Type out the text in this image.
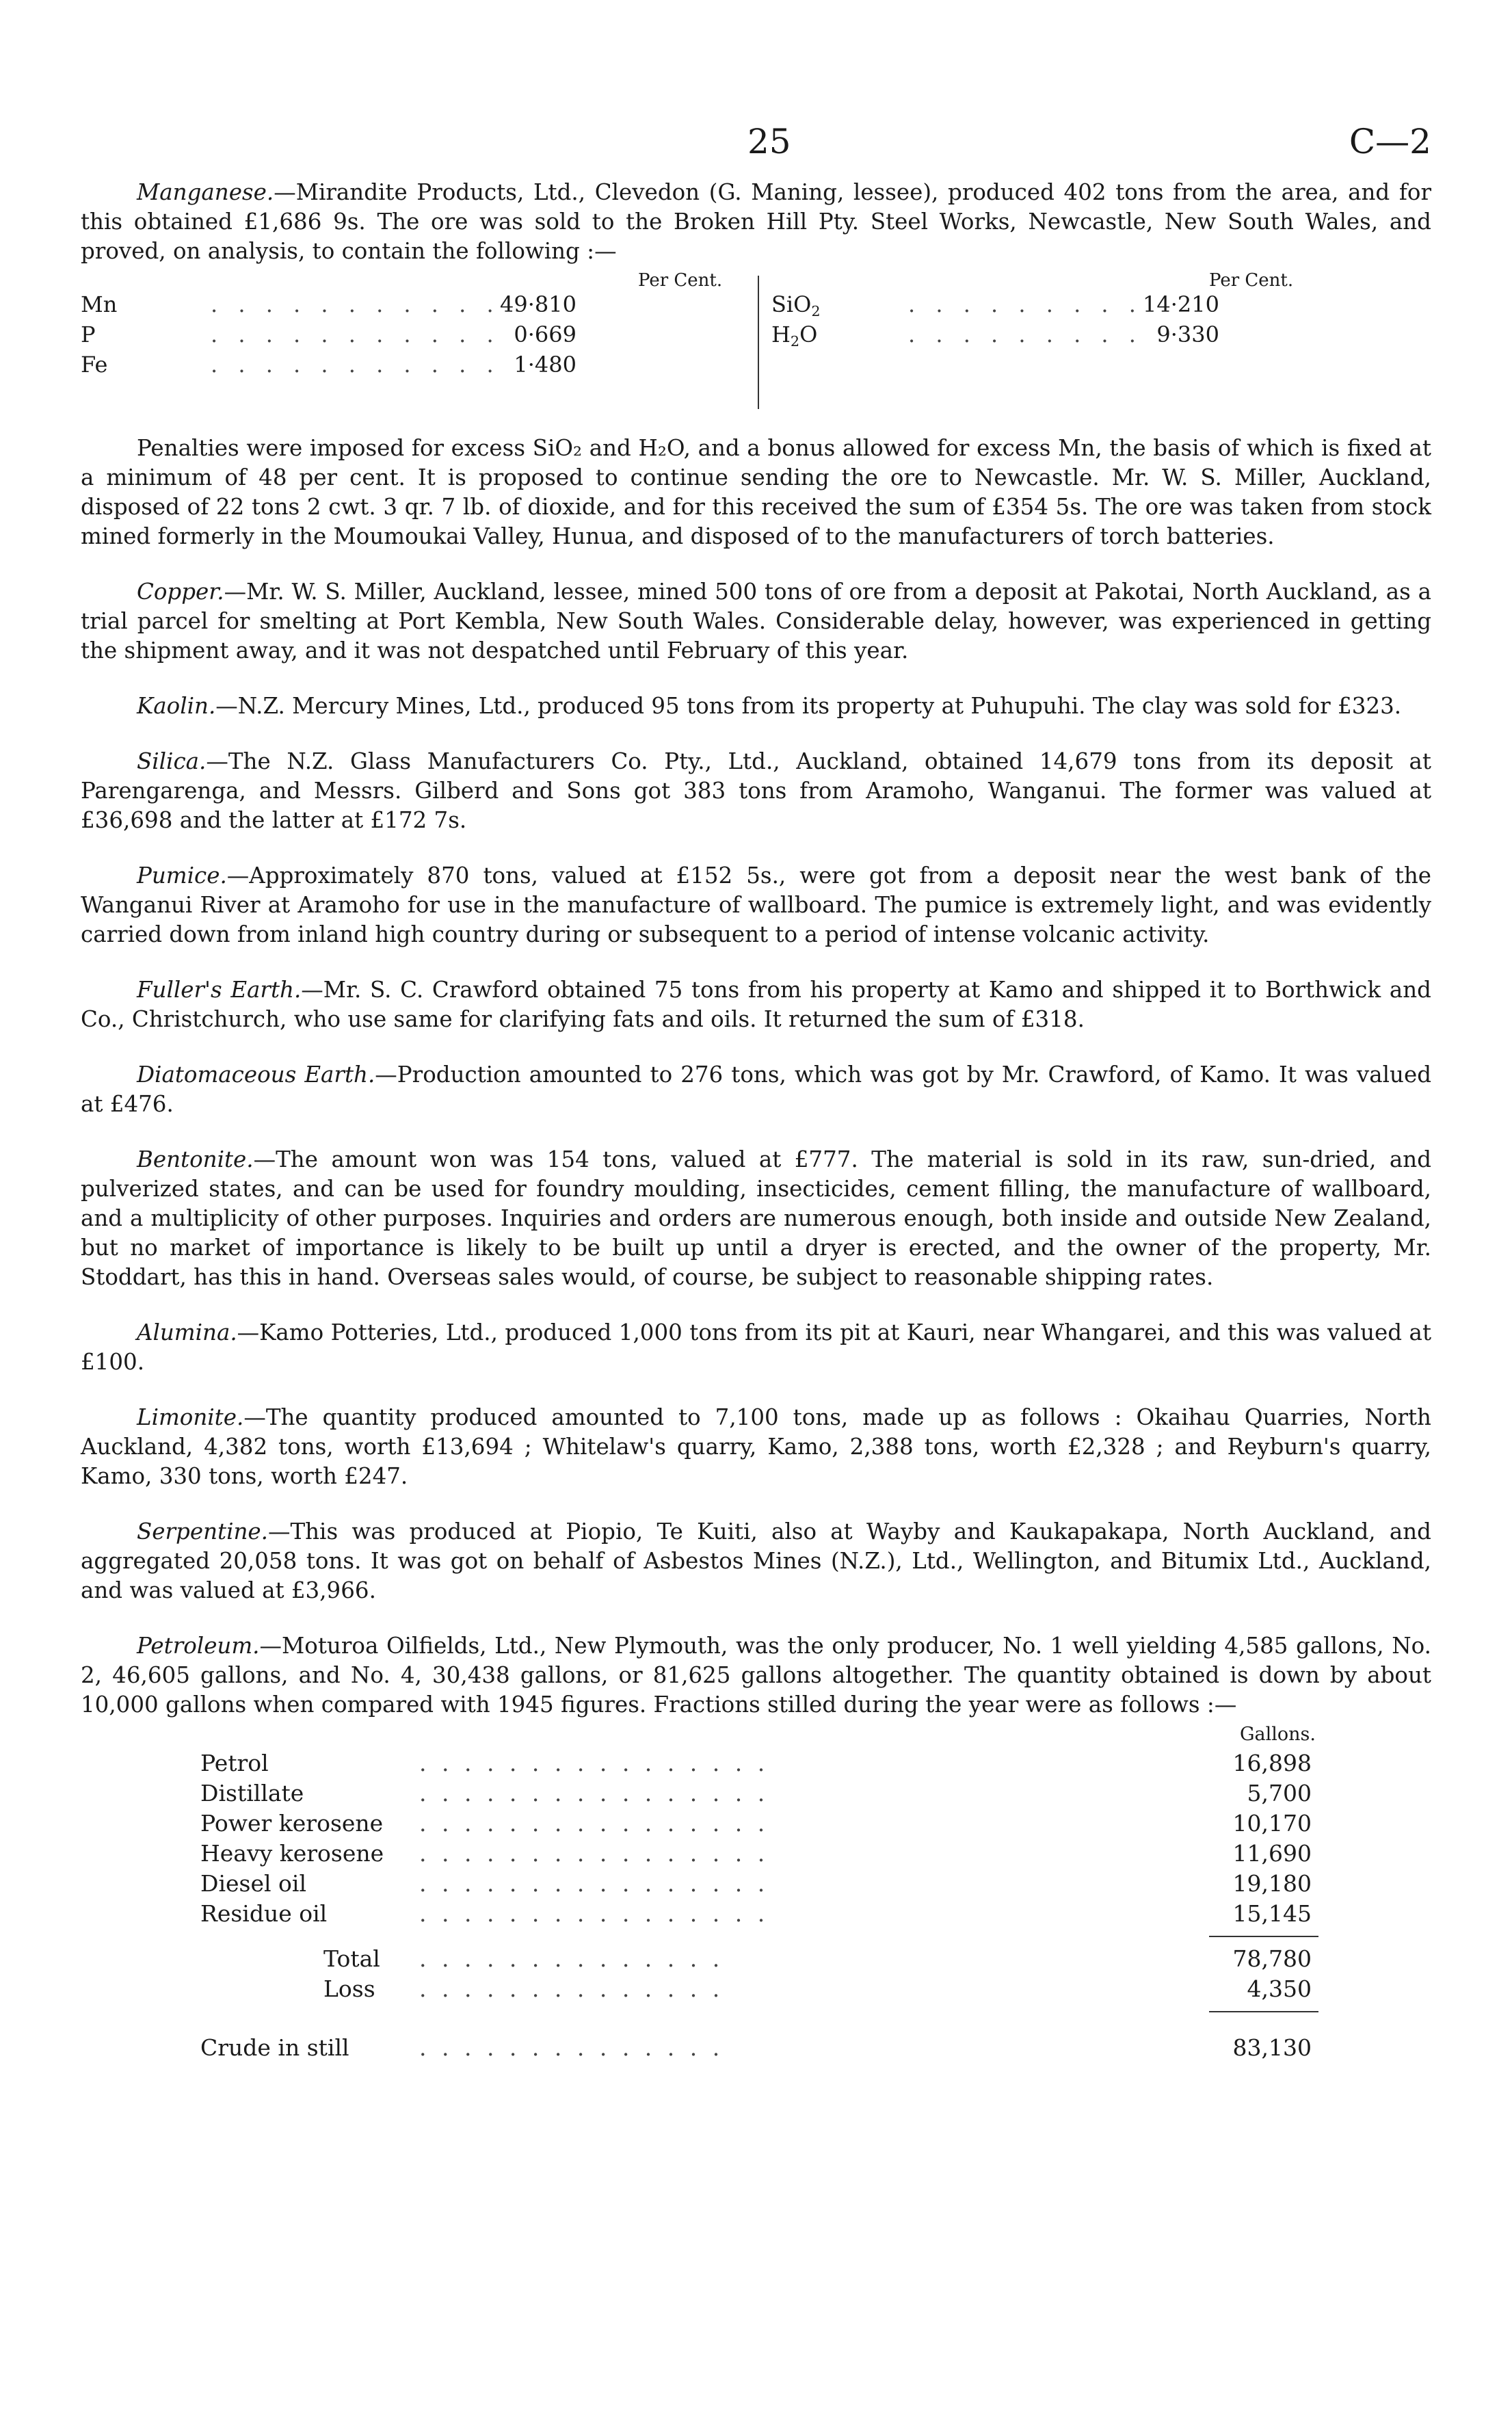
25	C—2

Manganese.—Mirandite Products, Ltd., Clevedon (G. Maning, lessee), produced 402 tons from the area, and for this obtained £1,686 9s. The ore was sold to the Broken Hill Pty. Steel Works, Newcastle, New South Wales, and proved, on analysis, to contain the following :—

Per Cent.	Per Cent.
Mn	. . . . . . . . . . .49·810
P	. . . . . . . . . . . 0·669
Fe	. . . . . . . . . . . 1·480
SiO$_2$	. . . . . . . . .14·210
$H_2O$	. . . . . . . . . 9·330

Penalties were imposed for excess SiO₂ and H₂O, and a bonus allowed for excess Mn, the basis of which is fixed at a minimum of 48 per cent. It is proposed to continue sending the ore to Newcastle. Mr. W. S. Miller, Auckland, disposed of 22 tons 2 cwt. 3 qr. 7 lb. of dioxide, and for this received the sum of £354 5s. The ore was taken from stock mined formerly in the Moumoukai Valley, Hunua, and disposed of to the manufacturers of torch batteries.

Copper.—Mr. W. S. Miller, Auckland, lessee, mined 500 tons of ore from a deposit at Pakotai, North Auckland, as a trial parcel for smelting at Port Kembla, New South Wales. Considerable delay, however, was experienced in getting the shipment away, and it was not despatched until February of this year.

Kaolin.—N.Z. Mercury Mines, Ltd., produced 95 tons from its property at Puhupuhi. The clay was sold for £323.

Silica.—The N.Z. Glass Manufacturers Co. Pty., Ltd., Auckland, obtained 14,679 tons from its deposit at Parengarenga, and Messrs. Gilberd and Sons got 383 tons from Aramoho, Wanganui. The former was valued at £36,698 and the latter at £172 7s.

Pumice.—Approximately 870 tons, valued at £152 5s., were got from a deposit near the west bank of the Wanganui River at Aramoho for use in the manufacture of wallboard. The pumice is extremely light, and was evidently carried down from inland high country during or subsequent to a period of intense volcanic activity.

Fuller's Earth.—Mr. S. C. Crawford obtained 75 tons from his property at Kamo and shipped it to Borthwick and Co., Christchurch, who use same for clarifying fats and oils. It returned the sum of £318.

Diatomaceous Earth.—Production amounted to 276 tons, which was got by Mr. Crawford, of Kamo. It was valued at £476.

Bentonite.—The amount won was 154 tons, valued at £777. The material is sold in its raw, sun-dried, and pulverized states, and can be used for foundry moulding, insecticides, cement filling, the manufacture of wallboard, and a multiplicity of other purposes. Inquiries and orders are numerous enough, both inside and outside New Zealand, but no market of importance is likely to be built up until a dryer is erected, and the owner of the property, Mr. Stoddart, has this in hand. Overseas sales would, of course, be subject to reasonable shipping rates.

Alumina.—Kamo Potteries, Ltd., produced 1,000 tons from its pit at Kauri, near Whangarei, and this was valued at £100.

Limonite.—The quantity produced amounted to 7,100 tons, made up as follows : Okaihau Quarries, North Auckland, 4,382 tons, worth £13,694 ; Whitelaw's quarry, Kamo, 2,388 tons, worth £2,328 ; and Reyburn's quarry, Kamo, 330 tons, worth £247.

Serpentine.—This was produced at Piopio, Te Kuiti, also at Wayby and Kaukapakapa, North Auckland, and aggregated 20,058 tons. It was got on behalf of Asbestos Mines (N.Z.), Ltd., Wellington, and Bitumix Ltd., Auckland, and was valued at £3,966.

Petroleum.—Moturoa Oilfields, Ltd., New Plymouth, was the only producer, No. 1 well yielding 4,585 gallons, No. 2, 46,605 gallons, and No. 4, 30,438 gallons, or 81,625 gallons altogether. The quantity obtained is down by about 10,000 gallons when compared with 1945 figures. Fractions stilled during the year were as follows :—

Gallons.
Petrol	. . . . . . . . . . . . . . . .	16,898
Distillate	. . . . . . . . . . . . . . . .	5,700
Power kerosene . . . . . . . . . . . . . . . .	10,170
Heavy kerosene . . . . . . . . . . . . . . . .	11,690
Diesel oil	. . . . . . . . . . . . . . . .	19,180
Residue oil	. . . . . . . . . . . . . . . .	15,145
Total . . . . . . . . . . . . . .	78,780
Loss . . . . . . . . . . . . . .	4,350
Crude in still	. . . . . . . . . . . . . .	83,130
